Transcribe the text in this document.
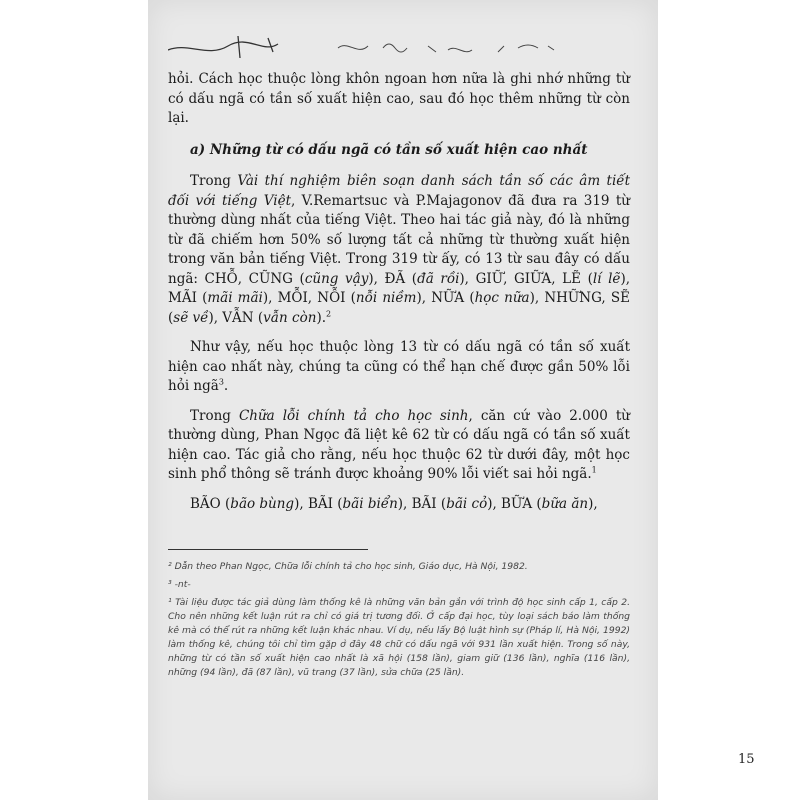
hỏi. Cách học thuộc lòng khôn ngoan hơn nữa là ghi nhớ những từ có dấu ngã có tần số xuất hiện cao, sau đó học thêm những từ còn lại.

a) Những từ có dấu ngã có tần số xuất hiện cao nhất

Trong Vài thí nghiệm biên soạn danh sách tần số các âm tiết đối với tiếng Việt, V.Remartsuc và P.Majagonov đã đưa ra 319 từ thường dùng nhất của tiếng Việt. Theo hai tác giả này, đó là những từ đã chiếm hơn 50% số lượng tất cả những từ thường xuất hiện trong văn bản tiếng Việt. Trong 319 từ ấy, có 13 từ sau đây có dấu ngã: CHỖ, CŨNG (cũng vậy), ĐÃ (đã rồi), GIỮ, GIỮA, LẼ (lí lẽ), MÃI (mãi mãi), MỖI, NỖI (nỗi niềm), NỮA (học nữa), NHỮNG, SẼ (sẽ về), VẪN (vẫn còn).$^2$

Như vậy, nếu học thuộc lòng 13 từ có dấu ngã có tần số xuất hiện cao nhất này, chúng ta cũng có thể hạn chế được gần 50% lỗi hỏi ngã$^3$.

Trong Chữa lỗi chính tả cho học sinh, căn cứ vào 2.000 từ thường dùng, Phan Ngọc đã liệt kê 62 từ có dấu ngã có tần số xuất hiện cao. Tác giả cho rằng, nếu học thuộc 62 từ dưới đây, một học sinh phổ thông sẽ tránh được khoảng 90% lỗi viết sai hỏi ngã.$^1$

BÃO (bão bùng), BÃI (bãi biển), BÃI (bãi cỏ), BỮA (bữa ăn),

² Dẫn theo Phan Ngọc, Chữa lỗi chính tả cho học sinh, Giáo dục, Hà Nội, 1982.

³ -nt-

¹ Tài liệu được tác giả dùng làm thống kê là những văn bản gắn với trình độ học sinh cấp 1, cấp 2. Cho nên những kết luận rút ra chỉ có giá trị tương đối. Ở cấp đại học, tùy loại sách báo làm thống kê mà có thể rút ra những kết luận khác nhau. Ví dụ, nếu lấy Bộ luật hình sự (Pháp lí, Hà Nội, 1992) làm thống kê, chúng tôi chỉ tìm gặp ở đây 48 chữ có dấu ngã với 931 lần xuất hiện. Trong số này, những từ có tần số xuất hiện cao nhất là xã hội (158 lần), giam giữ (136 lần), nghĩa (116 lần), những (94 lần), đã (87 lần), vũ trang (37 lần), sửa chữa (25 lần).

15
